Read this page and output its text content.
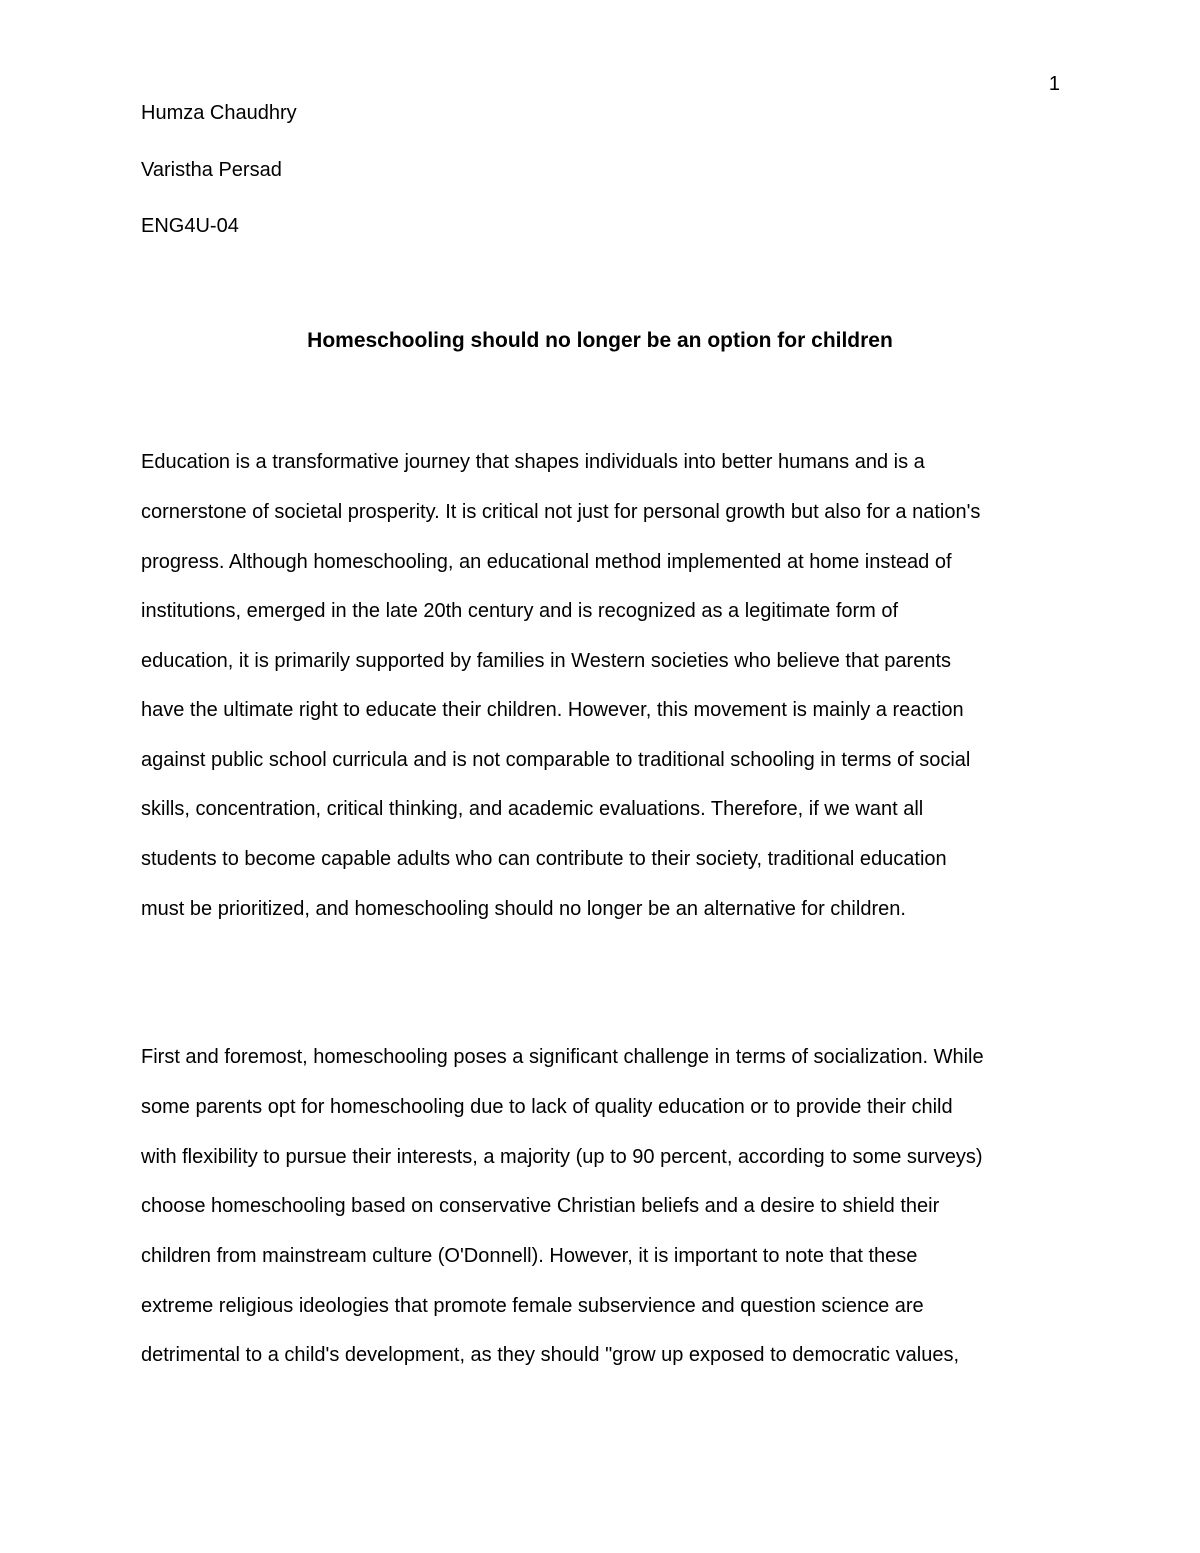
1
Humza Chaudhry
Varistha Persad
ENG4U-04
Homeschooling should no longer be an option for children
Education is a transformative journey that shapes individuals into better humans and is a
cornerstone of societal prosperity. It is critical not just for personal growth but also for a nation's
progress. Although homeschooling, an educational method implemented at home instead of
institutions, emerged in the late 20th century and is recognized as a legitimate form of
education, it is primarily supported by families in Western societies who believe that parents
have the ultimate right to educate their children. However, this movement is mainly a reaction
against public school curricula and is not comparable to traditional schooling in terms of social
skills, concentration, critical thinking, and academic evaluations. Therefore, if we want all
students to become capable adults who can contribute to their society, traditional education
must be prioritized, and homeschooling should no longer be an alternative for children.
First and foremost, homeschooling poses a significant challenge in terms of socialization. While
some parents opt for homeschooling due to lack of quality education or to provide their child
with flexibility to pursue their interests, a majority (up to 90 percent, according to some surveys)
choose homeschooling based on conservative Christian beliefs and a desire to shield their
children from mainstream culture (O'Donnell). However, it is important to note that these
extreme religious ideologies that promote female subservience and question science are
detrimental to a child's development, as they should "grow up exposed to democratic values,
